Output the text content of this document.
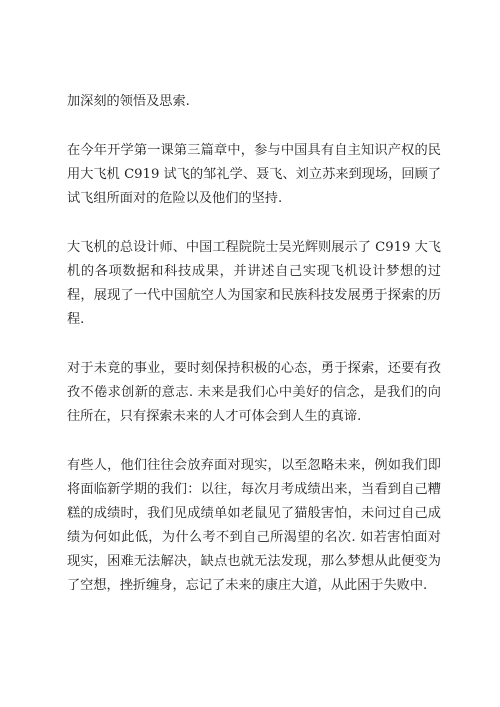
加深刻的领悟及思索.

在今年开学第一课第三篇章中，参与中国具有自主知识产权的民用大飞机 C919 试飞的邹礼学、聂飞、刘立苏来到现场，回顾了试飞组所面对的危险以及他们的坚持.

大飞机的总设计师、中国工程院院士吴光辉则展示了 C919 大飞机的各项数据和科技成果，并讲述自己实现飞机设计梦想的过程，展现了一代中国航空人为国家和民族科技发展勇于探索的历程.

对于未竟的事业，要时刻保持积极的心态，勇于探索，还要有孜孜不倦求创新的意志. 未来是我们心中美好的信念，是我们的向往所在，只有探索未来的人才可体会到人生的真谛.

有些人，他们往往会放弃面对现实，以至忽略未来，例如我们即将面临新学期的我们：以往，每次月考成绩出来，当看到自己糟糕的成绩时，我们见成绩单如老鼠见了猫般害怕，未问过自己成绩为何如此低，为什么考不到自己所渴望的名次. 如若害怕面对现实，困难无法解决，缺点也就无法发现，那么梦想从此便变为了空想，挫折缠身，忘记了未来的康庄大道，从此困于失败中.
